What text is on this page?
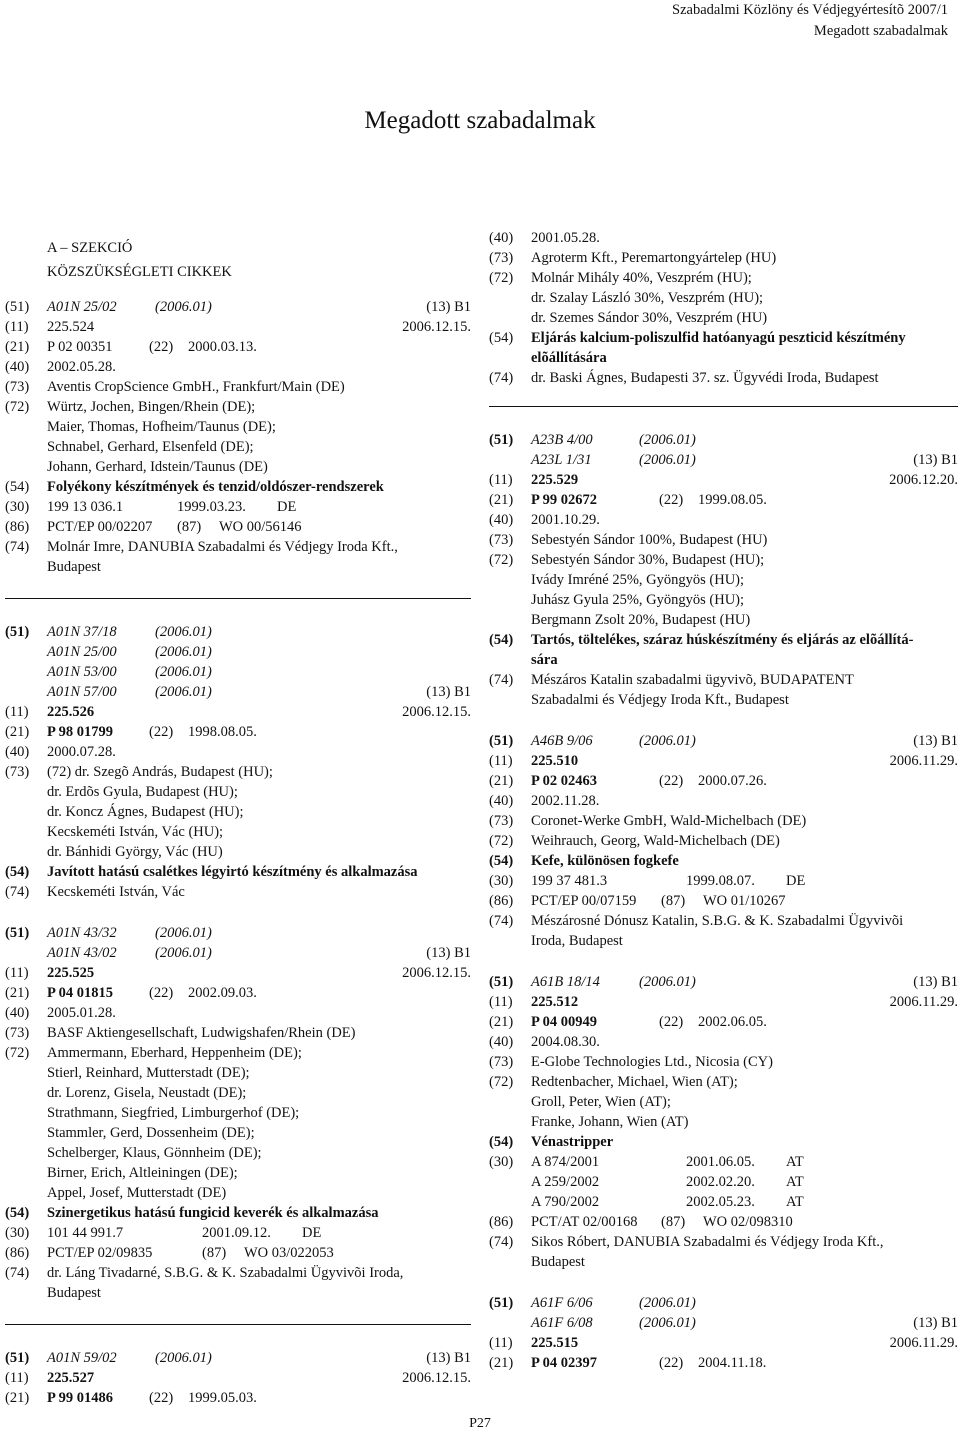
Szabadalmi Közlöny és Védjegyértesítõ 2007/1
Megadott szabadalmak
Megadott szabadalmak
A – SZEKCIÓ
KÖZSZÜKSÉGLETI CIKKEK
(51)	A01N 25/02	(2006.01)	(13) B1
(11)	225.524	2006.12.15.
(21)	P 02 00351	(22)	2000.03.13.
(40)	2002.05.28.
(73)	Aventis CropScience GmbH., Frankfurt/Main (DE)
(72)	Würtz, Jochen, Bingen/Rhein (DE);
Maier, Thomas, Hofheim/Taunus (DE);
Schnabel, Gerhard, Elsenfeld (DE);
Johann, Gerhard, Idstein/Taunus (DE)
(54)	Folyékony készítmények és tenzid/oldószer-rendszerek
(30)	199 13 036.1	1999.03.23.	DE
(86)	PCT/EP 00/02207	(87)	WO 00/56146
(74)	Molnár Imre, DANUBIA Szabadalmi és Védjegy Iroda Kft.,
Budapest
(51)	A01N 37/18	(2006.01)
A01N 25/00	(2006.01)
A01N 53/00	(2006.01)
A01N 57/00	(2006.01)	(13) B1
(11)	225.526	2006.12.15.
(21)	P 98 01799	(22)	1998.08.05.
(40)	2000.07.28.
(73)	(72) dr. Szegõ András, Budapest (HU);
dr. Erdõs Gyula, Budapest (HU);
dr. Koncz Ágnes, Budapest (HU);
Kecskeméti István, Vác (HU);
dr. Bánhidi György, Vác (HU)
(54)	Javított hatású csalétkes légyirtó készítmény és alkalmazása
(74)	Kecskeméti István, Vác
(51)	A01N 43/32	(2006.01)
A01N 43/02	(2006.01)	(13) B1
(11)	225.525	2006.12.15.
(21)	P 04 01815	(22)	2002.09.03.
(40)	2005.01.28.
(73)	BASF Aktiengesellschaft, Ludwigshafen/Rhein (DE)
(72)	Ammermann, Eberhard, Heppenheim (DE);
Stierl, Reinhard, Mutterstadt (DE);
dr. Lorenz, Gisela, Neustadt (DE);
Strathmann, Siegfried, Limburgerhof (DE);
Stammler, Gerd, Dossenheim (DE);
Schelberger, Klaus, Gönnheim (DE);
Birner, Erich, Altleiningen (DE);
Appel, Josef, Mutterstadt (DE)
(54)	Szinergetikus hatású fungicid keverék és alkalmazása
(30)	101 44 991.7	2001.09.12.	DE
(86)	PCT/EP 02/09835	(87)	WO 03/022053
(74)	dr. Láng Tivadarné, S.B.G. & K. Szabadalmi Ügyvivõi Iroda,
Budapest
(51)	A01N 59/02	(2006.01)	(13) B1
(11)	225.527	2006.12.15.
(21)	P 99 01486	(22)	1999.05.03.
(40)	2001.05.28.
(73)	Agroterm Kft., Peremartongyártelep (HU)
(72)	Molnár Mihály 40%, Veszprém (HU);
dr. Szalay László 30%, Veszprém (HU);
dr. Szemes Sándor 30%, Veszprém (HU)
(54)	Eljárás kalcium-poliszulfid hatóanyagú peszticid készítmény
elõállítására
(74)	dr. Baski Ágnes, Budapesti 37. sz. Ügyvédi Iroda, Budapest
(51)	A23B 4/00	(2006.01)
A23L 1/31	(2006.01)	(13) B1
(11)	225.529	2006.12.20.
(21)	P 99 02672	(22)	1999.08.05.
(40)	2001.10.29.
(73)	Sebestyén Sándor 100%, Budapest (HU)
(72)	Sebestyén Sándor 30%, Budapest (HU);
Ivády Imréné 25%, Gyöngyös (HU);
Juhász Gyula 25%, Gyöngyös (HU);
Bergmann Zsolt 20%, Budapest (HU)
(54)	Tartós, töltelékes, száraz húskészítmény és eljárás az elõállítá-
sára
(74)	Mészáros Katalin szabadalmi ügyvivõ, BUDAPATENT
Szabadalmi és Védjegy Iroda Kft., Budapest
(51)	A46B 9/06	(2006.01)	(13) B1
(11)	225.510	2006.11.29.
(21)	P 02 02463	(22)	2000.07.26.
(40)	2002.11.28.
(73)	Coronet-Werke GmbH, Wald-Michelbach (DE)
(72)	Weihrauch, Georg, Wald-Michelbach (DE)
(54)	Kefe, különösen fogkefe
(30)	199 37 481.3	1999.08.07.	DE
(86)	PCT/EP 00/07159	(87)	WO 01/10267
(74)	Mészárosné Dónusz Katalin, S.B.G. & K. Szabadalmi Ügyvivõi
Iroda, Budapest
(51)	A61B 18/14	(2006.01)	(13) B1
(11)	225.512	2006.11.29.
(21)	P 04 00949	(22)	2002.06.05.
(40)	2004.08.30.
(73)	E-Globe Technologies Ltd., Nicosia (CY)
(72)	Redtenbacher, Michael, Wien (AT);
Groll, Peter, Wien (AT);
Franke, Johann, Wien (AT)
(54)	Vénastripper
(30)	A 874/2001	2001.06.05.	AT
A 259/2002	2002.02.20.	AT
A 790/2002	2002.05.23.	AT
(86)	PCT/AT 02/00168	(87)	WO 02/098310
(74)	Sikos Róbert, DANUBIA Szabadalmi és Védjegy Iroda Kft.,
Budapest
(51)	A61F 6/06	(2006.01)
A61F 6/08	(2006.01)	(13) B1
(11)	225.515	2006.11.29.
(21)	P 04 02397	(22)	2004.11.18.
P27
